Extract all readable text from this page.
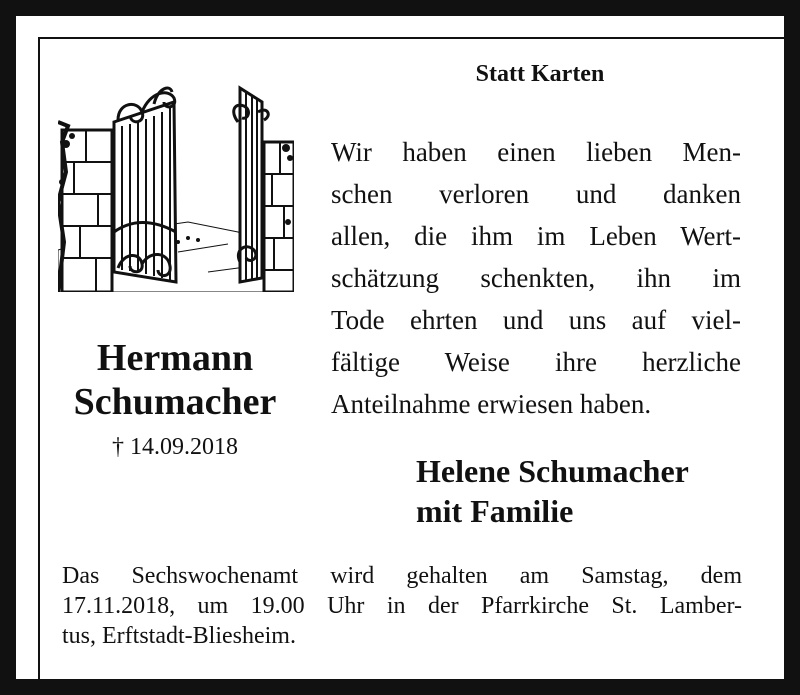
Statt Karten
Wir haben einen lieben Men-
schen verloren und danken
allen, die ihm im Leben Wert-
schätzung schenkten, ihn im
Tode ehrten und uns auf viel-
fältige Weise ihre herzliche
Anteilnahme erwiesen haben.
Hermann
Schumacher
† 14.09.2018
Helene Schumacher
mit Familie
Das Sechswochenamt wird gehalten am Samstag, dem
17.11.2018, um 19.00 Uhr in der Pfarrkirche St. Lamber-
tus, Erftstadt-Bliesheim.
